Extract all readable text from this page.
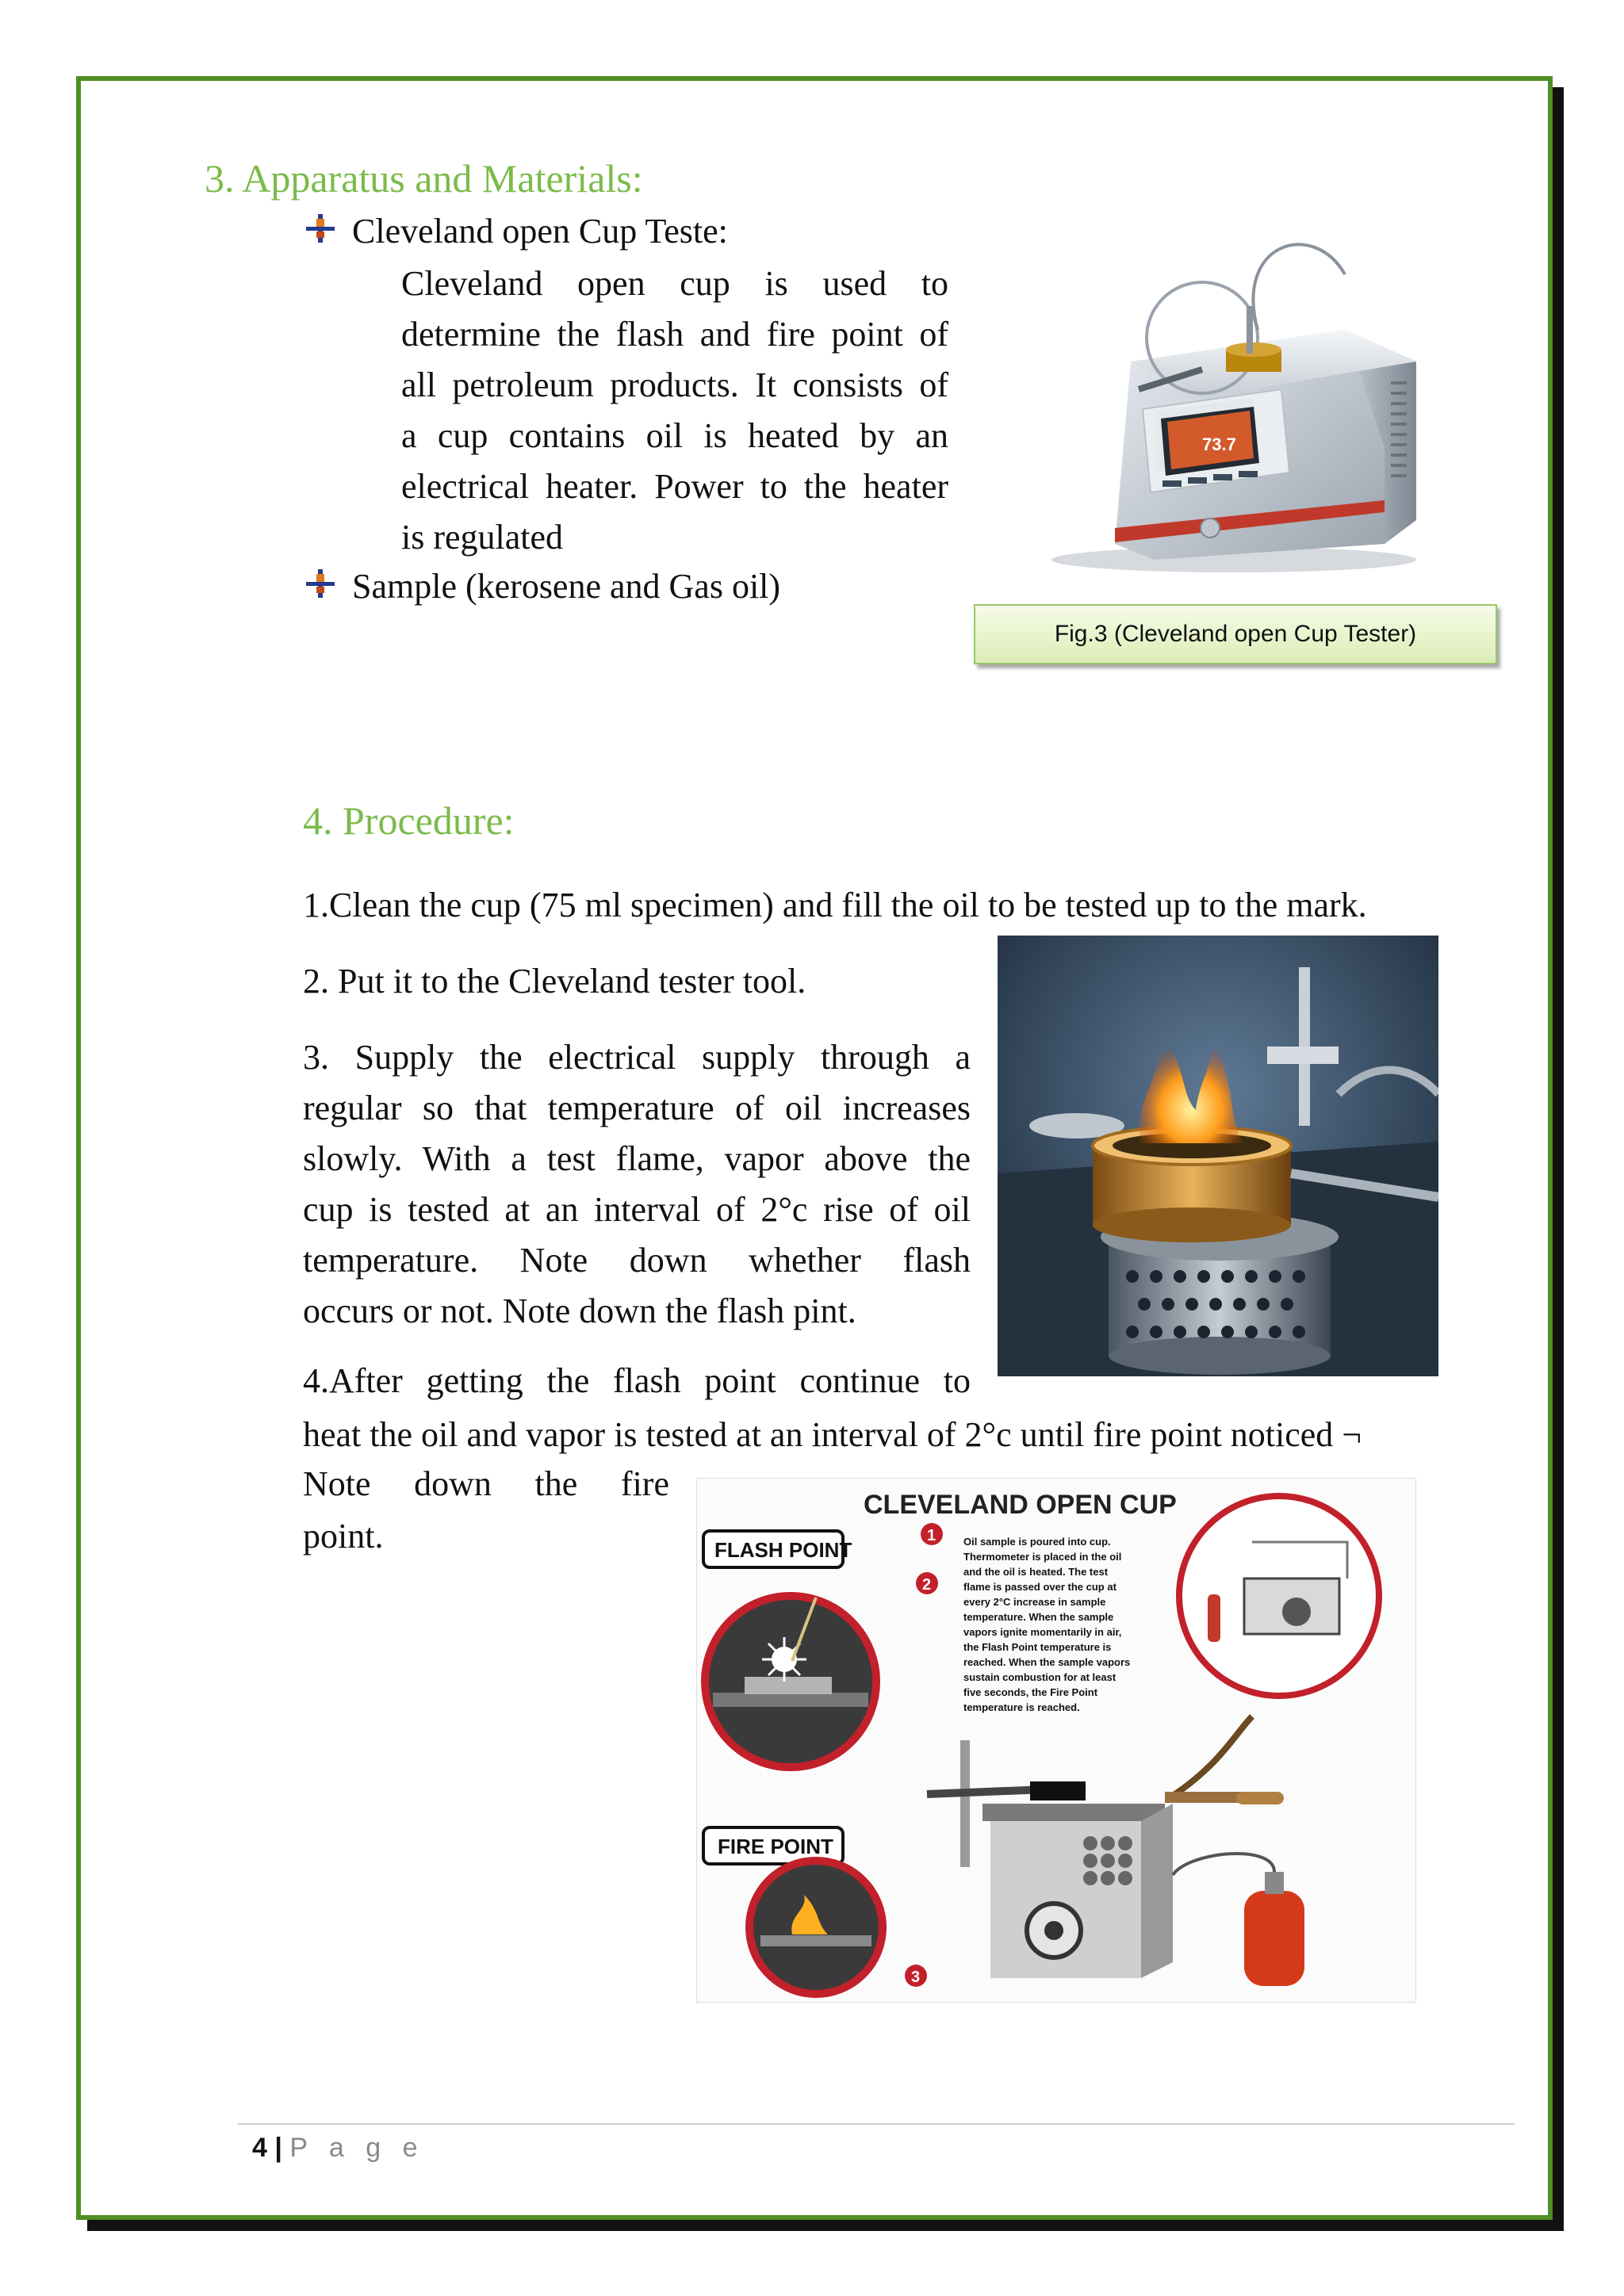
3. Apparatus and Materials:
Cleveland open Cup Teste:
Cleveland open cup is used to
determine the flash and fire point of
all petroleum products. It consists of
a cup contains oil is heated by an
electrical heater. Power to the heater
is regulated
Sample (kerosene and Gas oil)
73.7
Fig.3 (Cleveland open Cup Tester)
4. Procedure:
1.Clean the cup (75 ml specimen) and fill the oil to be tested up to the mark.
2. Put it to the Cleveland tester tool.
3. Supply the electrical supply through a
regular so that temperature of oil increases
slowly. With a test flame, vapor above the
cup is tested at an interval of 2°c rise of oil
temperature. Note down whether flash
occurs or not. Note down the flash pint.
4.After getting the flash point continue to
heat the oil and vapor is tested at an interval of 2°c until fire point noticed ¬
Note down the fire
point.
CLEVELAND OPEN CUP
FLASH POINT
1
2
FIRE POINT
3
Oil sample is poured into cup.
Thermometer is placed in the oil
and the oil is heated. The test
flame is passed over the cup at
every 2°C increase in sample
temperature. When the sample
vapors ignite momentarily in air,
the Flash Point temperature is
reached. When the sample vapors
sustain combustion for at least
five seconds, the Fire Point
temperature is reached.
4 | P a g e
